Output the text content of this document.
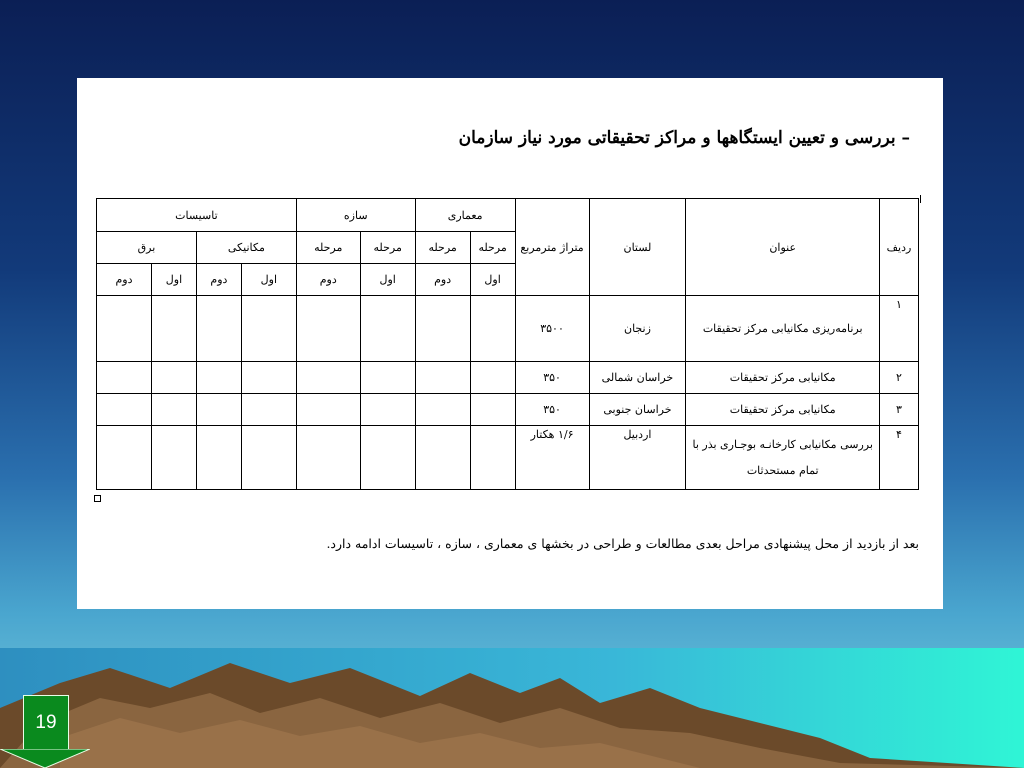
– بررسی و تعیین ایستگاهها و مراکز تحقیقاتی مورد نیاز سازمان
ردیف	عنوان	لستان	متراژ مترمربع	معماری		سازه		تاسیسات			
				مرحله	مرحله	مرحله	مرحله	مکانیکی		برق	
				اول	دوم	اول	دوم	اول	دوم	اول	دوم
۱	برنامه‌ریزی مکانیابی مرکز تحقیقات	زنجان	۳۵۰۰								
۲	مکانیابی مرکز تحقیقات	خراسان شمالی	۳۵۰								
۳	مکانیابی مرکز تحقیقات	خراسان جنوبی	۳۵۰								
۴	بررسی مکانیابی کارخانـه بوجـاری بذر با تمام مستحدثات	اردبیل	۱/۶ هکتار								
بعد از بازدید از محل پیشنهادی مراحل بعدی مطالعات و طراحی در بخشها ی معماری ، سازه ، تاسیسات ادامه دارد.
19
